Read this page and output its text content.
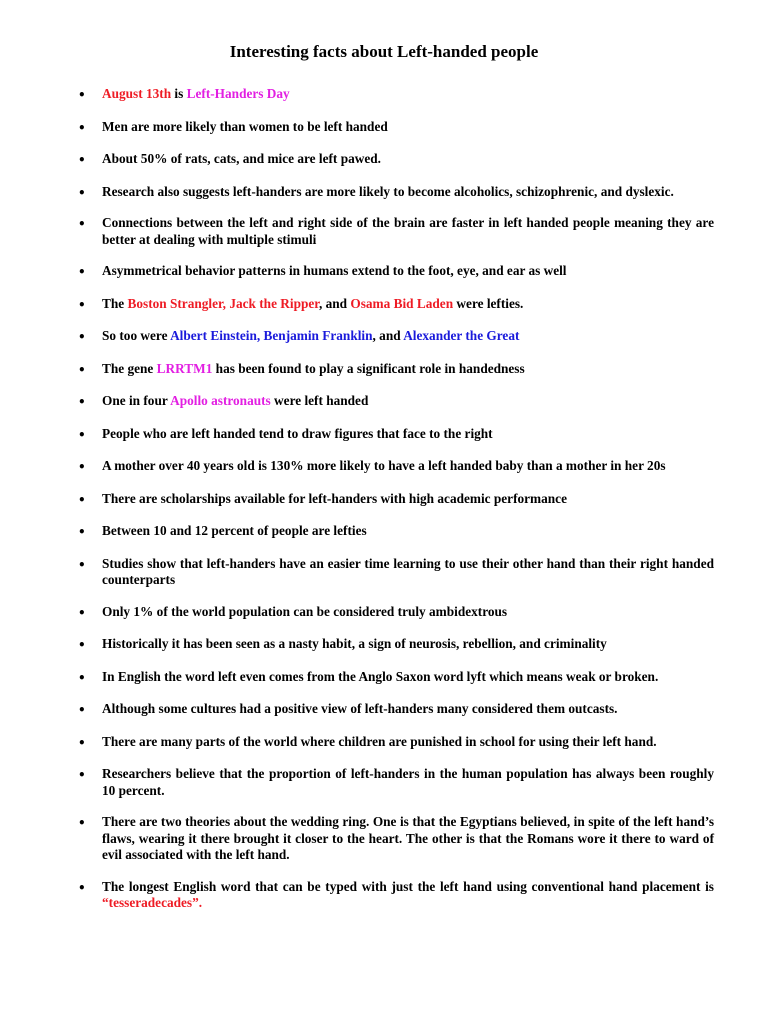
Interesting facts about Left-handed people
• August 13th is Left-Handers Day
• Men are more likely than women to be left handed
• About 50% of rats, cats, and mice are left pawed.
• Research also suggests left-handers are more likely to become alcoholics, schizophrenic, and dyslexic.
• Connections between the left and right side of the brain are faster in left handed people meaning they are better at dealing with multiple stimuli
• Asymmetrical behavior patterns in humans extend to the foot, eye, and ear as well
• The Boston Strangler, Jack the Ripper, and Osama Bid Laden were lefties.
• So too were Albert Einstein, Benjamin Franklin, and Alexander the Great
• The gene LRRTM1 has been found to play a significant role in handedness
• One in four Apollo astronauts were left handed
• People who are left handed tend to draw figures that face to the right
• A mother over 40 years old is 130% more likely to have a left handed baby than a mother in her 20s
• There are scholarships available for left-handers with high academic performance
• Between 10 and 12 percent of people are lefties
• Studies show that left-handers have an easier time learning to use their other hand than their right handed counterparts
• Only 1% of the world population can be considered truly ambidextrous
• Historically it has been seen as a nasty habit, a sign of neurosis, rebellion, and criminality
• In English the word left even comes from the Anglo Saxon word lyft which means weak or broken.
• Although some cultures had a positive view of left-handers many considered them outcasts.
• There are many parts of the world where children are punished in school for using their left hand.
• Researchers believe that the proportion of left-handers in the human population has always been roughly 10 percent.
• There are two theories about the wedding ring. One is that the Egyptians believed, in spite of the left hand’s flaws, wearing it there brought it closer to the heart. The other is that the Romans wore it there to ward of evil associated with the left hand.
• The longest English word that can be typed with just the left hand using conventional hand placement is “tesseradecades”.
